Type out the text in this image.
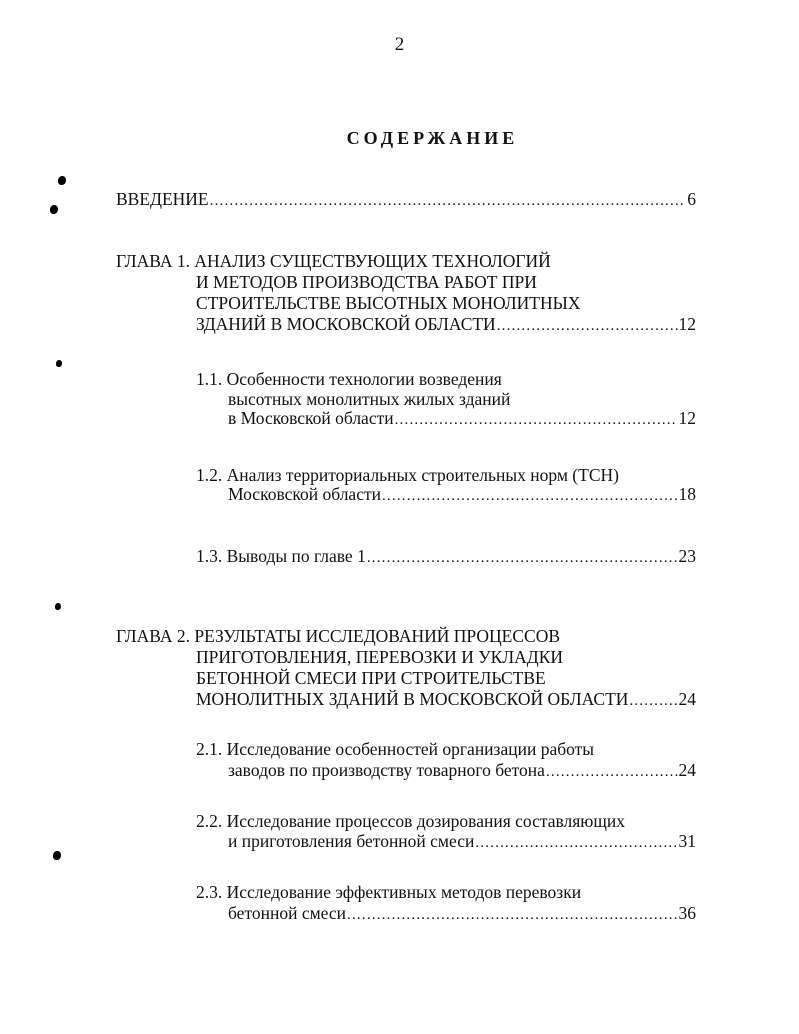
2
СОДЕРЖАНИЕ
ВВЕДЕНИЕ .....	6
ГЛАВА 1. АНАЛИЗ СУЩЕСТВУЮЩИХ ТЕХНОЛОГИЙ
И МЕТОДОВ ПРОИЗВОДСТВА РАБОТ ПРИ
СТРОИТЕЛЬСТВЕ ВЫСОТНЫХ МОНОЛИТНЫХ
ЗДАНИЙ В МОСКОВСКОЙ ОБЛАСТИ .....	12
1.1. Особенности технологии возведения
высотных монолитных жилых зданий
в Московской области .....	12
1.2. Анализ территориальных строительных норм (ТСН)
Московской области .....	18
1.3. Выводы по главе 1 .....	23
ГЛАВА 2. РЕЗУЛЬТАТЫ ИССЛЕДОВАНИЙ ПРОЦЕССОВ
ПРИГОТОВЛЕНИЯ, ПЕРЕВОЗКИ И УКЛАДКИ
БЕТОННОЙ СМЕСИ ПРИ СТРОИТЕЛЬСТВЕ
МОНОЛИТНЫХ ЗДАНИЙ В МОСКОВСКОЙ ОБЛАСТИ .....	24
2.1. Исследование особенностей организации работы
заводов по производству товарного бетона .....	24
2.2. Исследование процессов дозирования составляющих
и приготовления бетонной смеси .....	31
2.3. Исследование эффективных методов перевозки
бетонной смеси .....	36
